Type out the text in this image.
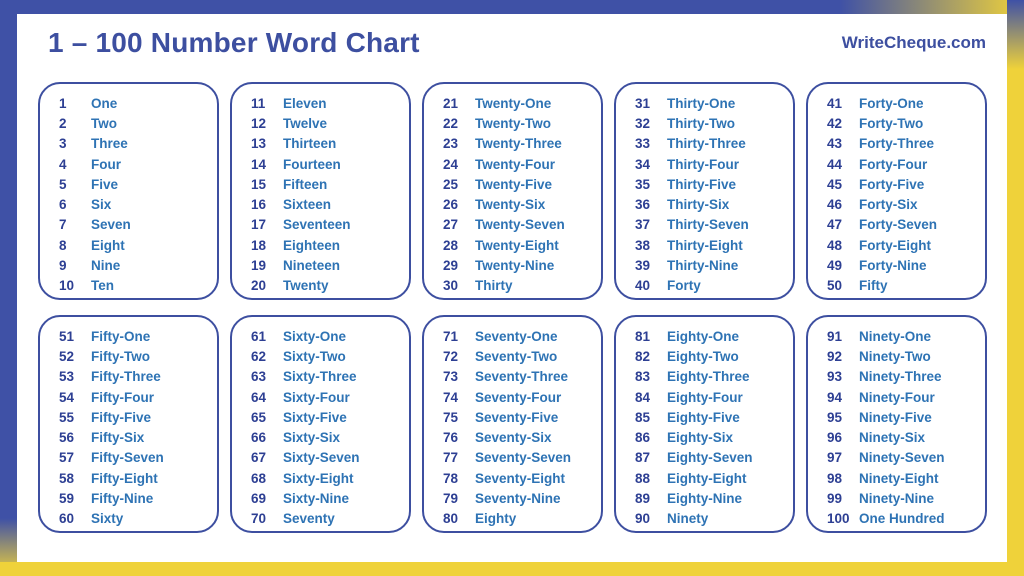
1 – 100 Number Word Chart	WriteCheque.com
1	One
2	Two
3	Three
4	Four
5	Five
6	Six
7	Seven
8	Eight
9	Nine
10	Ten
11	Eleven
12	Twelve
13	Thirteen
14	Fourteen
15	Fifteen
16	Sixteen
17	Seventeen
18	Eighteen
19	Nineteen
20	Twenty
21	Twenty-One
22	Twenty-Two
23	Twenty-Three
24	Twenty-Four
25	Twenty-Five
26	Twenty-Six
27	Twenty-Seven
28	Twenty-Eight
29	Twenty-Nine
30	Thirty
31	Thirty-One
32	Thirty-Two
33	Thirty-Three
34	Thirty-Four
35	Thirty-Five
36	Thirty-Six
37	Thirty-Seven
38	Thirty-Eight
39	Thirty-Nine
40	Forty
41	Forty-One
42	Forty-Two
43	Forty-Three
44	Forty-Four
45	Forty-Five
46	Forty-Six
47	Forty-Seven
48	Forty-Eight
49	Forty-Nine
50	Fifty
51	Fifty-One
52	Fifty-Two
53	Fifty-Three
54	Fifty-Four
55	Fifty-Five
56	Fifty-Six
57	Fifty-Seven
58	Fifty-Eight
59	Fifty-Nine
60	Sixty
61	Sixty-One
62	Sixty-Two
63	Sixty-Three
64	Sixty-Four
65	Sixty-Five
66	Sixty-Six
67	Sixty-Seven
68	Sixty-Eight
69	Sixty-Nine
70	Seventy
71	Seventy-One
72	Seventy-Two
73	Seventy-Three
74	Seventy-Four
75	Seventy-Five
76	Seventy-Six
77	Seventy-Seven
78	Seventy-Eight
79	Seventy-Nine
80	Eighty
81	Eighty-One
82	Eighty-Two
83	Eighty-Three
84	Eighty-Four
85	Eighty-Five
86	Eighty-Six
87	Eighty-Seven
88	Eighty-Eight
89	Eighty-Nine
90	Ninety
91	Ninety-One
92	Ninety-Two
93	Ninety-Three
94	Ninety-Four
95	Ninety-Five
96	Ninety-Six
97	Ninety-Seven
98	Ninety-Eight
99	Ninety-Nine
100 One Hundred
